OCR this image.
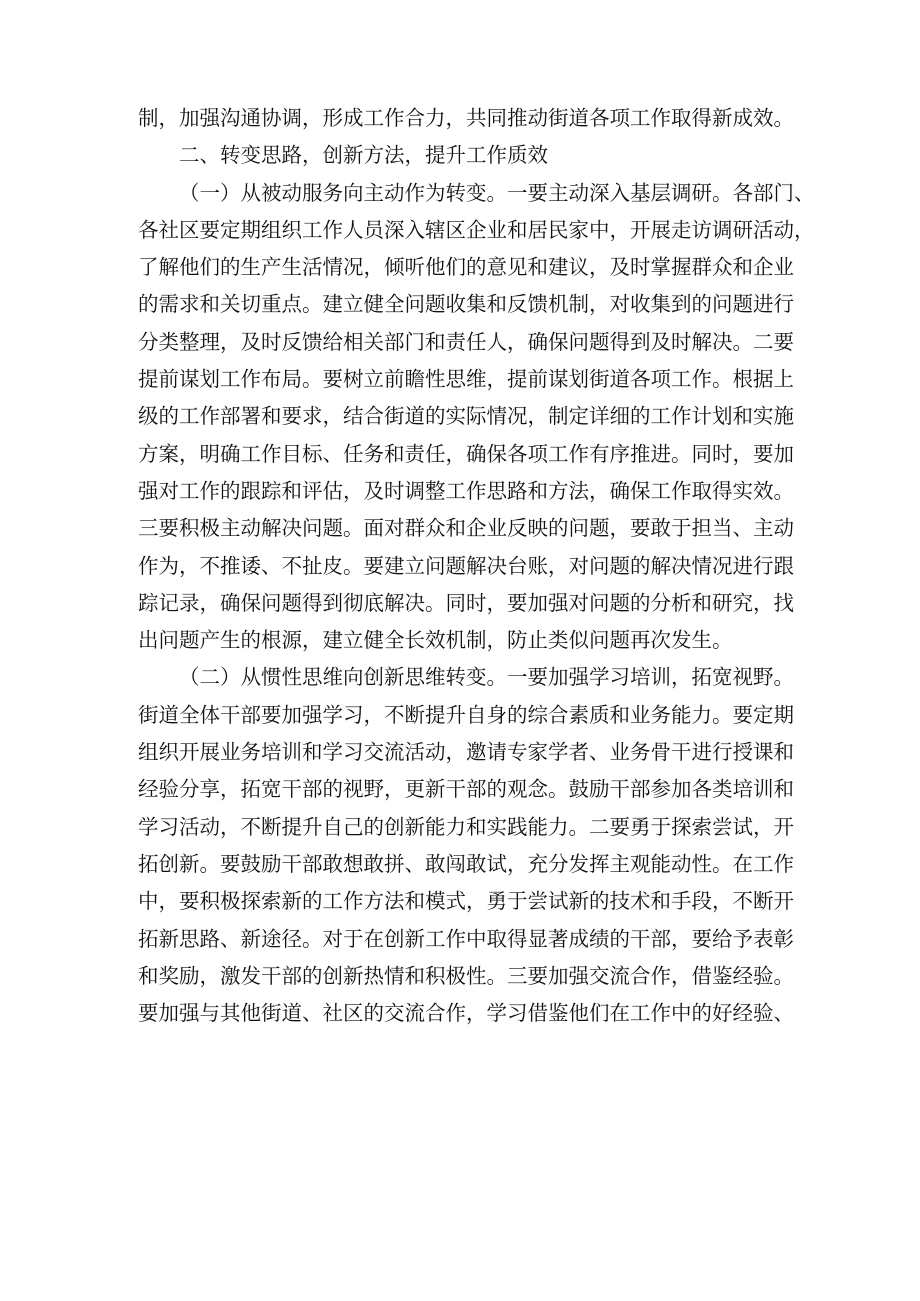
制，加强沟通协调，形成工作合力，共同推动街道各项工作取得新成效。
二、转变思路，创新方法，提升工作质效
（一）从被动服务向主动作为转变。一要主动深入基层调研。各部门、
各社区要定期组织工作人员深入辖区企业和居民家中，开展走访调研活动，
了解他们的生产生活情况，倾听他们的意见和建议，及时掌握群众和企业
的需求和关切重点。建立健全问题收集和反馈机制，对收集到的问题进行
分类整理，及时反馈给相关部门和责任人，确保问题得到及时解决。二要
提前谋划工作布局。要树立前瞻性思维，提前谋划街道各项工作。根据上
级的工作部署和要求，结合街道的实际情况，制定详细的工作计划和实施
方案，明确工作目标、任务和责任，确保各项工作有序推进。同时，要加
强对工作的跟踪和评估，及时调整工作思路和方法，确保工作取得实效。
三要积极主动解决问题。面对群众和企业反映的问题，要敢于担当、主动
作为，不推诿、不扯皮。要建立问题解决台账，对问题的解决情况进行跟
踪记录，确保问题得到彻底解决。同时，要加强对问题的分析和研究，找
出问题产生的根源，建立健全长效机制，防止类似问题再次发生。
（二）从惯性思维向创新思维转变。一要加强学习培训，拓宽视野。
街道全体干部要加强学习，不断提升自身的综合素质和业务能力。要定期
组织开展业务培训和学习交流活动，邀请专家学者、业务骨干进行授课和
经验分享，拓宽干部的视野，更新干部的观念。鼓励干部参加各类培训和
学习活动，不断提升自己的创新能力和实践能力。二要勇于探索尝试，开
拓创新。要鼓励干部敢想敢拼、敢闯敢试，充分发挥主观能动性。在工作
中，要积极探索新的工作方法和模式，勇于尝试新的技术和手段，不断开
拓新思路、新途径。对于在创新工作中取得显著成绩的干部，要给予表彰
和奖励，激发干部的创新热情和积极性。三要加强交流合作，借鉴经验。
要加强与其他街道、社区的交流合作，学习借鉴他们在工作中的好经验、
